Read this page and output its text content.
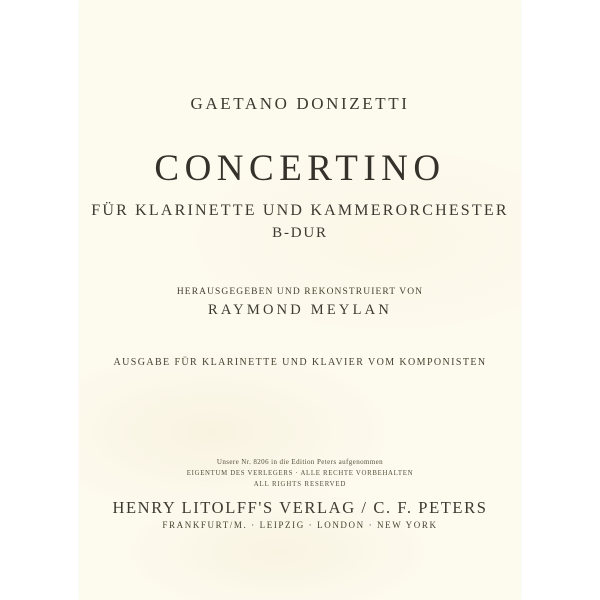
GAETANO DONIZETTI
CONCERTINO
FÜR KLARINETTE UND KAMMERORCHESTER
B-DUR
HERAUSGEGEBEN UND REKONSTRUIERT VON
RAYMOND MEYLAN
AUSGABE FÜR KLARINETTE UND KLAVIER VOM KOMPONISTEN
Unsere Nr. 8206 in die Edition Peters aufgenommen
EIGENTUM DES VERLEGERS · ALLE RECHTE VORBEHALTEN
ALL RIGHTS RESERVED
HENRY LITOLFF'S VERLAG / C. F. PETERS
FRANKFURT/M. · LEIPZIG · LONDON · NEW YORK
